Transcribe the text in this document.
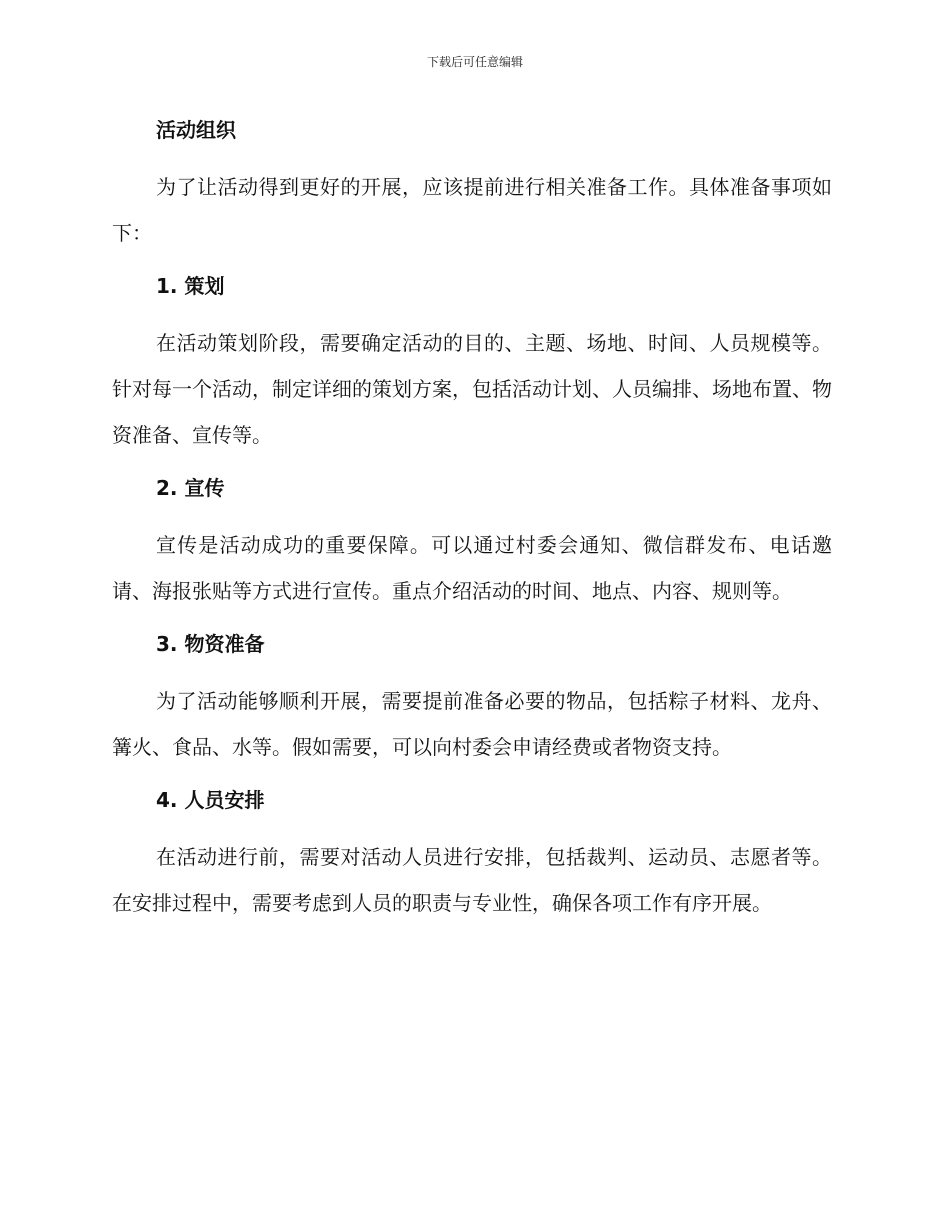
下载后可任意编辑
活动组织

为了让活动得到更好的开展，应该提前进行相关准备工作。具体准备事项如下：

1. 策划

在活动策划阶段，需要确定活动的目的、主题、场地、时间、人员规模等。针对每一个活动，制定详细的策划方案，包括活动计划、人员编排、场地布置、物资准备、宣传等。

2. 宣传

宣传是活动成功的重要保障。可以通过村委会通知、微信群发布、电话邀请、海报张贴等方式进行宣传。重点介绍活动的时间、地点、内容、规则等。

3. 物资准备

为了活动能够顺利开展，需要提前准备必要的物品，包括粽子材料、龙舟、篝火、食品、水等。假如需要，可以向村委会申请经费或者物资支持。

4. 人员安排

在活动进行前，需要对活动人员进行安排，包括裁判、运动员、志愿者等。在安排过程中，需要考虑到人员的职责与专业性，确保各项工作有序开展。
